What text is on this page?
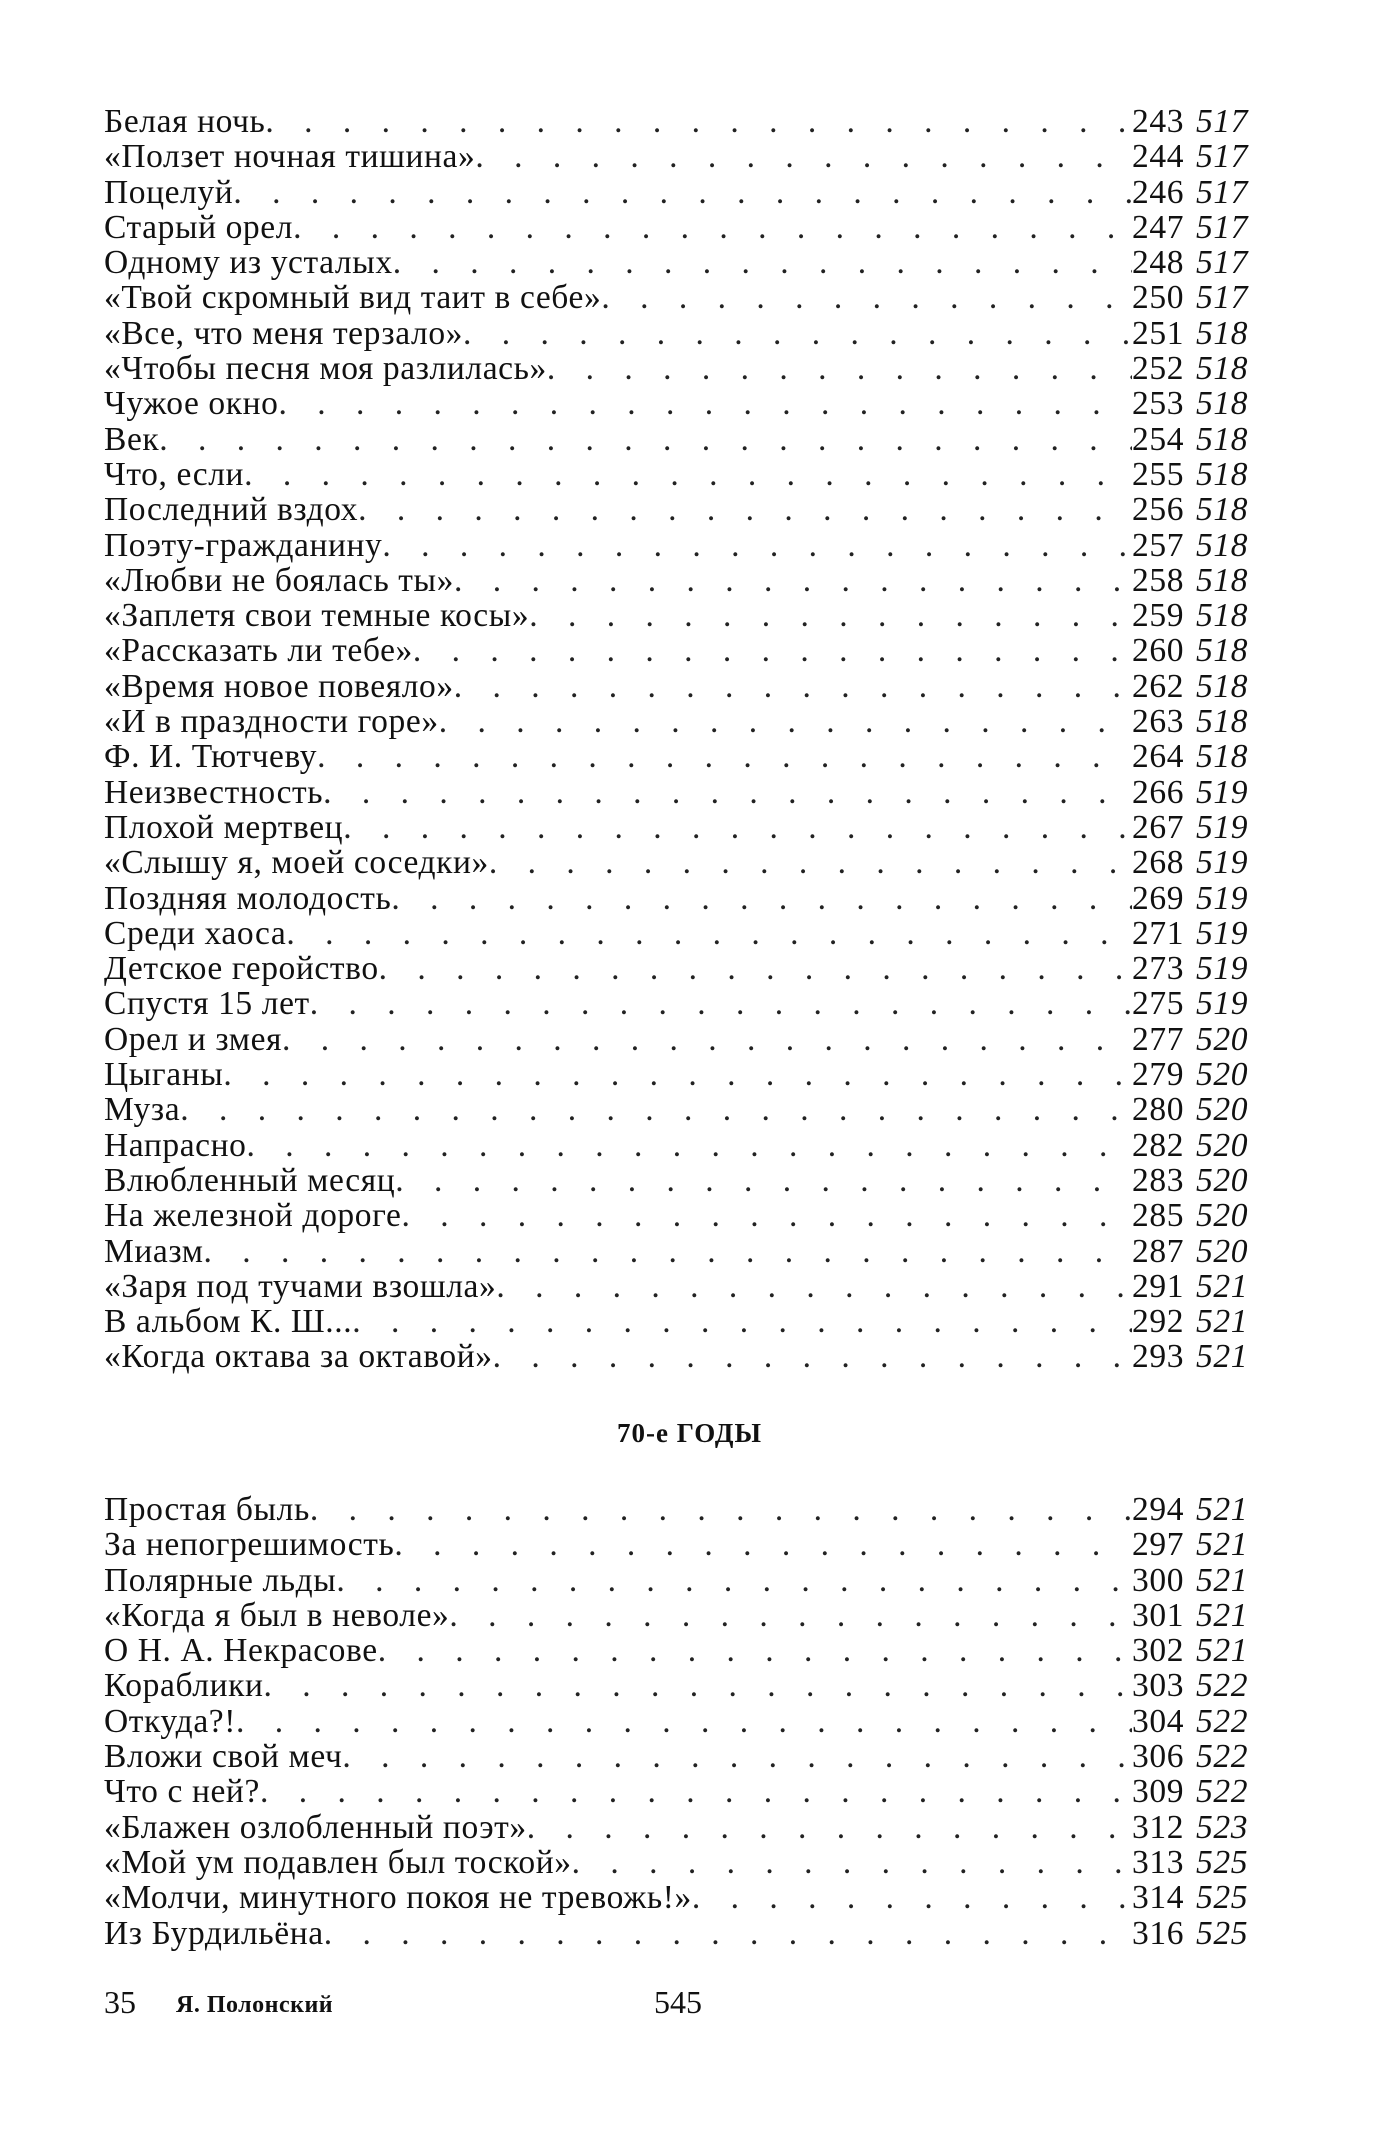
Белая ночь . . .	243 517
«Ползет ночная тишина» . . .	244 517
Поцелуй . . .	246 517
Старый орел . . .	247 517
Одному из усталых . . .	248 517
«Твой скромный вид таит в себе» . . .	250 517
«Все, что меня терзало» . . .	251 518
«Чтобы песня моя разлилась» . . .	252 518
Чужое окно . . .	253 518
Век . . .	254 518
Что, если . . .	255 518
Последний вздох . . .	256 518
Поэту-гражданину . . .	257 518
«Любви не боялась ты» . . .	258 518
«Заплетя свои темные косы» . . .	259 518
«Рассказать ли тебе» . . .	260 518
«Время новое повеяло» . . .	262 518
«И в праздности горе» . . .	263 518
Ф. И. Тютчеву . . .	264 518
Неизвестность . . .	266 519
Плохой мертвец . . .	267 519
«Слышу я, моей соседки» . . .	268 519
Поздняя молодость . . .	269 519
Среди хаоса . . .	271 519
Детское геройство . . .	273 519
Спустя 15 лет . . .	275 519
Орел и змея . . .	277 520
Цыганы . . .	279 520
Муза . . .	280 520
Напрасно . . .	282 520
Влюбленный месяц . . .	283 520
На железной дороге . . .	285 520
Миазм . . .	287 520
«Заря под тучами взошла» . . .	291 521
В альбом К. Ш... . . .	292 521
«Когда октава за октавой» . . .	293 521
70-е ГОДЫ
Простая быль . . .	294 521
За непогрешимость . . .	297 521
Полярные льды . . .	300 521
«Когда я был в неволе» . . .	301 521
О Н. А. Некрасове . . .	302 521
Кораблики . . .	303 522
Откуда?! . . .	304 522
Вложи свой меч . . .	306 522
Что с ней? . . .	309 522
«Блажен озлобленный поэт» . . .	312 523
«Мой ум подавлен был тоской» . . .	313 525
«Молчи, минутного покоя не тревожь!» . . .	314 525
Из Бурдильёна . . .	316 525
35 Я. Полонский	545
